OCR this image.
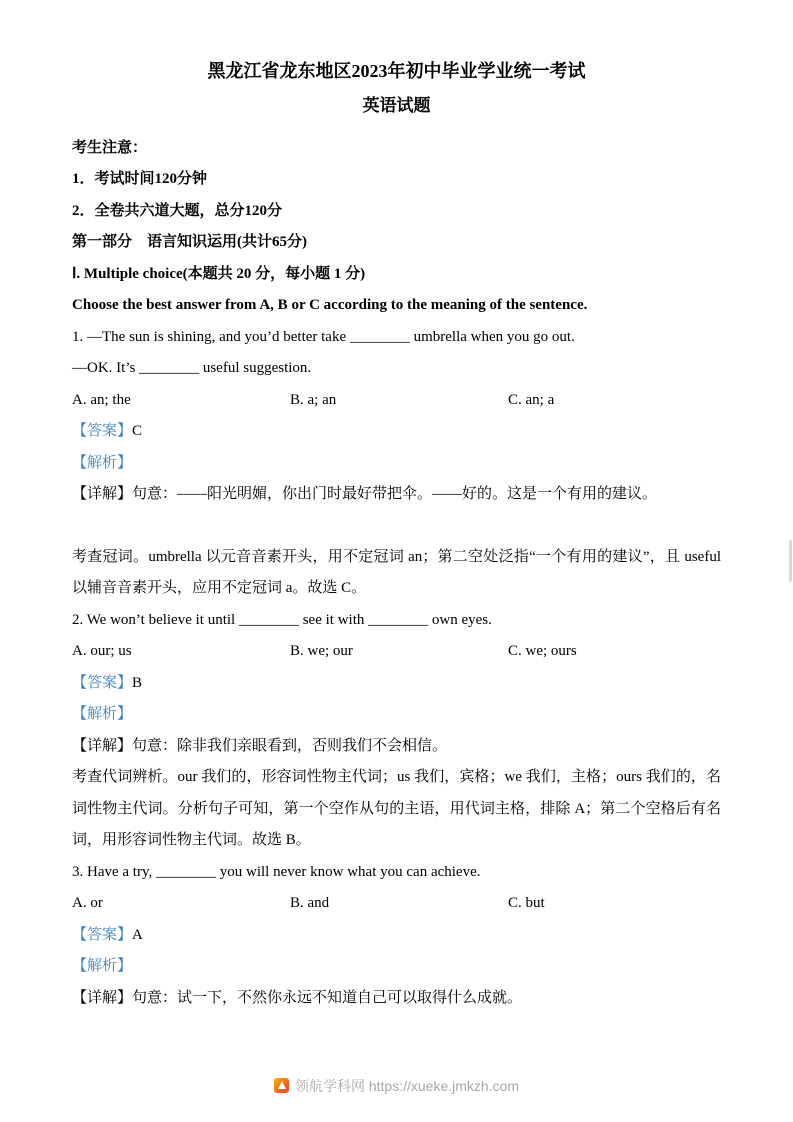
黑龙江省龙东地区2023年初中毕业学业统一考试
英语试题

考生注意：

1．考试时间120分钟

2．全卷共六道大题，总分120分

第一部分　语言知识运用(共计65分)

Ⅰ. Multiple choice(本题共 20 分，每小题 1 分)

Choose the best answer from A, B or C according to the meaning of the sentence.

1. —The sun is shining, and you’d better take ________ umbrella when you go out.

—OK. It’s ________ useful suggestion.

A. an; the	B. a; an	C. an; a

【答案】C

【解析】

【详解】句意：——阳光明媚，你出门时最好带把伞。——好的。这是一个有用的建议。

考查冠词。umbrella 以元音音素开头，用不定冠词 an；第二空处泛指“一个有用的建议”，且 useful 以辅音音素开头，应用不定冠词 a。故选 C。

2. We won’t believe it until ________ see it with ________ own eyes.

A. our; us	B. we; our	C. we; ours

【答案】B

【解析】

【详解】句意：除非我们亲眼看到，否则我们不会相信。

考查代词辨析。our 我们的，形容词性物主代词；us 我们，宾格；we 我们，主格；ours 我们的，名词性物主代词。分析句子可知，第一个空作从句的主语，用代词主格，排除 A；第二个空格后有名词，用形容词性物主代词。故选 B。

3. Have a try, ________ you will never know what you can achieve.

A. or	B. and	C. but

【答案】A

【解析】

【详解】句意：试一下，不然你永远不知道自己可以取得什么成就。

领航学科网 https://xueke.jmkzh.com
